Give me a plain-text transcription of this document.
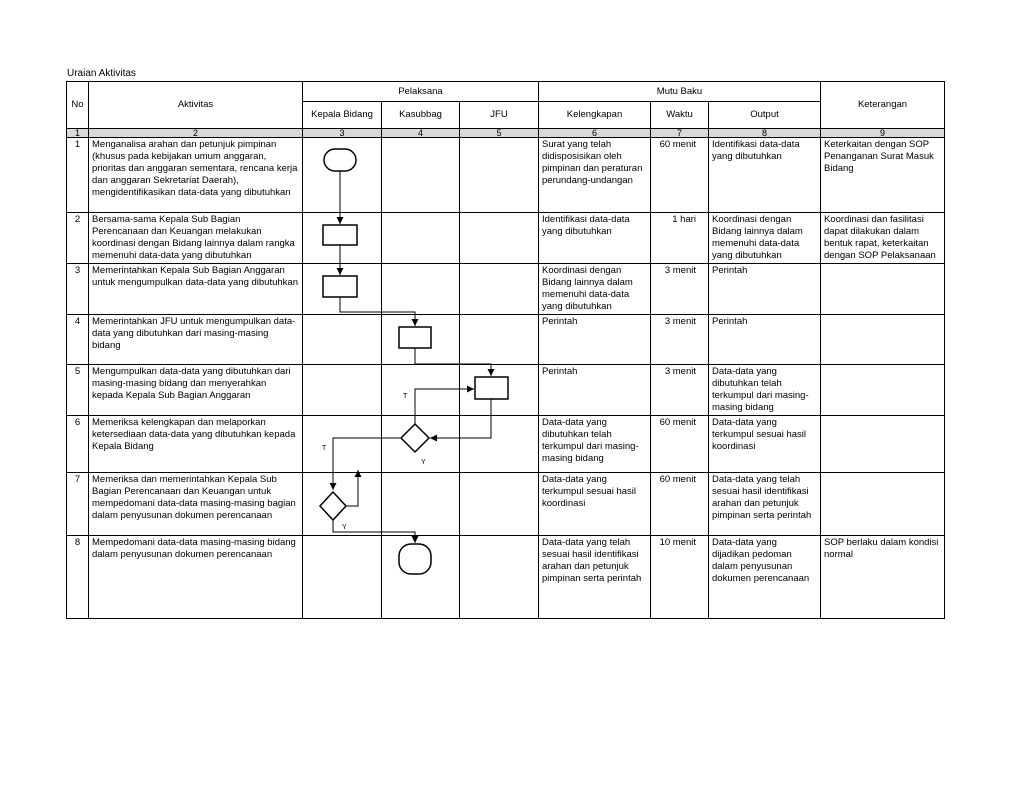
Uraian Aktivitas
No	Aktivitas	Pelaksana			Mutu Baku			Keterangan
		Kepala Bidang	Kasubbag	JFU	Kelengkapan	Waktu	Output	
1	2	3	4	5	6	7	8	9
1	Menganalisa arahan dan petunjuk pimpinan (khusus pada kebijakan umum anggaran, prioritas dan anggaran sementara, rencana kerja dan anggaran Sekretariat Daerah), mengidentifikasikan data-data yang dibutuhkan				Surat yang telah didisposisikan oleh pimpinan dan peraturan perundang-undangan	60 menit	Identifikasi data-data yang dibutuhkan	Keterkaitan dengan SOP Penanganan Surat Masuk Bidang
2	Bersama-sama Kepala Sub Bagian Perencanaan dan Keuangan melakukan koordinasi dengan Bidang lainnya dalam rangka memenuhi data-data yang dibutuhkan				Identifikasi data-data yang dibutuhkan	1 hari	Koordinasi dengan Bidang lainnya dalam memenuhi data-data yang dibutuhkan	Koordinasi dan fasilitasi dapat dilakukan dalam bentuk rapat, keterkaitan dengan SOP Pelaksanaan
3	Memerintahkan Kepala Sub Bagian Anggaran untuk mengumpulkan data-data yang dibutuhkan				Koordinasi dengan Bidang lainnya dalam memenuhi data-data yang dibutuhkan	3 menit	Perintah	
4	Memerintahkan JFU untuk mengumpulkan data-data yang dibutuhkan dari masing-masing bidang				Perintah	3 menit	Perintah	
5	Mengumpulkan data-data yang dibutuhkan dari masing-masing bidang dan menyerahkan kepada Kepala Sub Bagian Anggaran				Perintah	3 menit	Data-data yang dibutuhkan telah terkumpul dari masing-masing bidang	
6	Memeriksa kelengkapan dan melaporkan ketersediaan data-data yang dibutuhkan kepada Kepala Bidang				Data-data yang dibutuhkan telah terkumpul dari masing-masing bidang	60 menit	Data-data yang terkumpul sesuai hasil koordinasi	
7	Memeriksa dan memerintahkan Kepala Sub Bagian Perencanaan dan Keuangan untuk mempedomani data-data masing-masing bagian dalam penyusunan dokumen perencanaan				Data-data yang terkumpul sesuai hasil koordinasi	60 menit	Data-data yang telah sesuai hasil identifikasi arahan dan petunjuk pimpinan serta perintah	
8	Mempedomani data-data masing-masing bidang dalam penyusunan dokumen perencanaan				Data-data yang telah sesuai hasil identifikasi arahan dan petunjuk pimpinan serta perintah	10 menit	Data-data yang dijadikan pedoman dalam penyusunan dokumen perencanaan	SOP berlaku dalam kondisi normal
T
T
Y
Y
